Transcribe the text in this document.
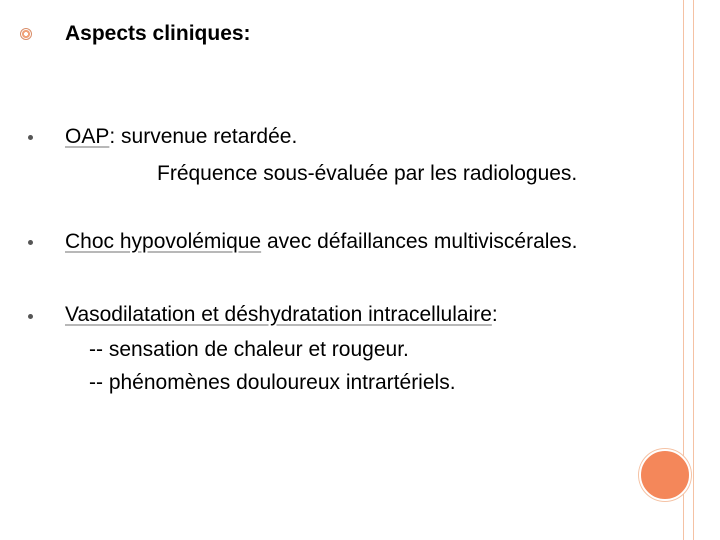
Aspects cliniques:
OAP: survenue retardée.
Fréquence sous-évaluée par les radiologues.
Choc hypovolémique avec défaillances multiviscérales.
Vasodilatation et déshydratation intracellulaire:
-- sensation de chaleur et rougeur.
-- phénomènes douloureux intrartériels.
